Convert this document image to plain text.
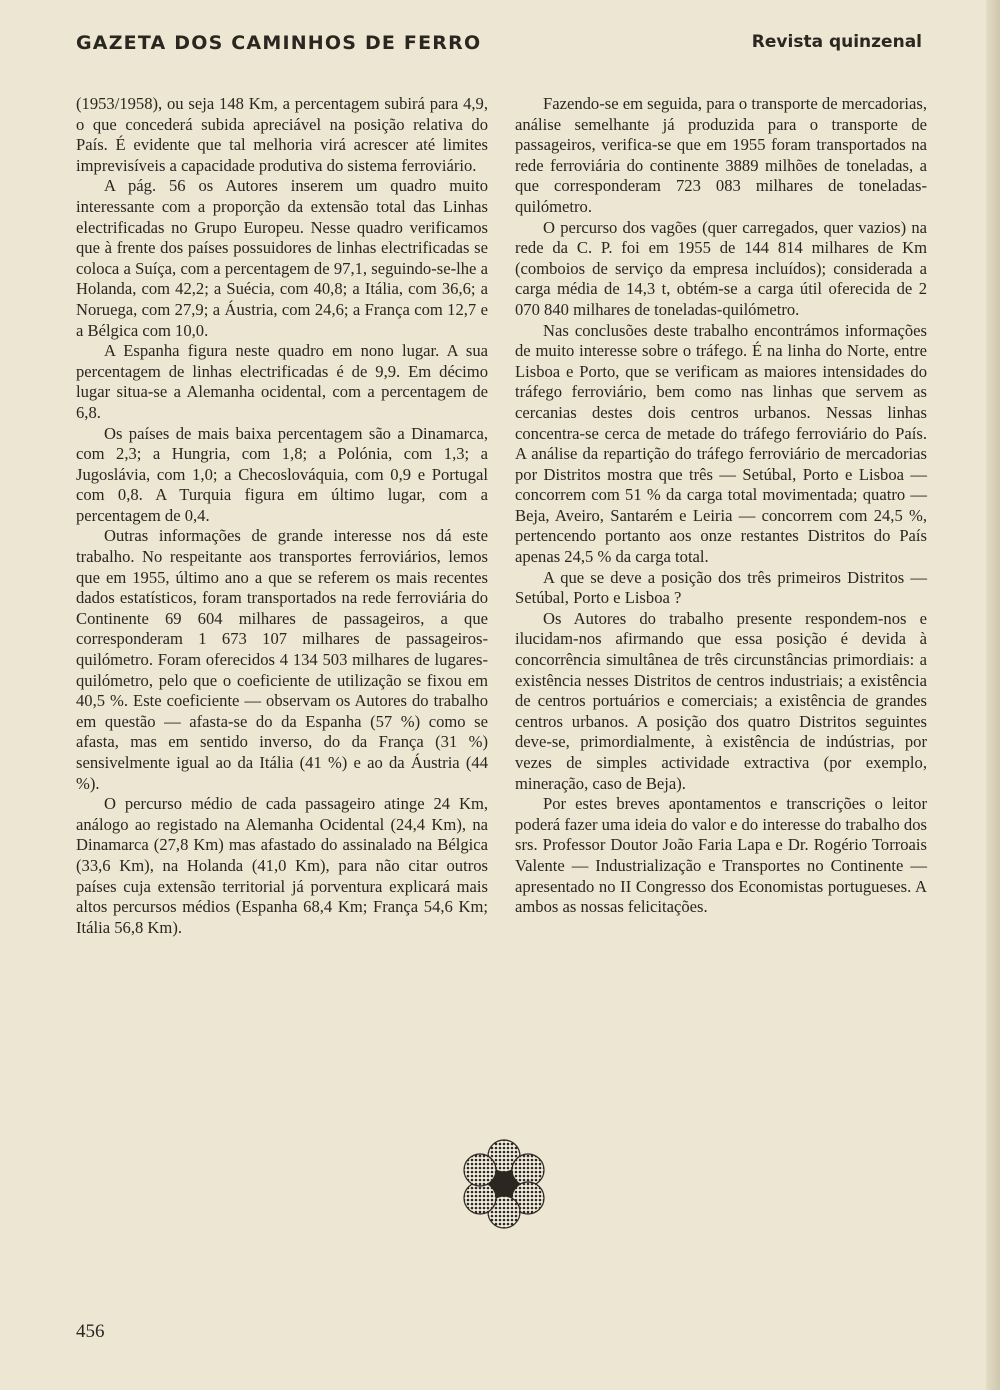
GAZETA DOS CAMINHOS DE FERRO	Revista quinzenal

(1953/1958), ou seja 148 Km, a percentagem subirá para 4,9, o que concederá subida apreciável na posição relativa do País. É evidente que tal melhoria virá acrescer até limites imprevisíveis a capacidade produtiva do sistema ferroviário.

A pág. 56 os Autores inserem um quadro muito interessante com a proporção da extensão total das Linhas electrificadas no Grupo Europeu. Nesse quadro verificamos que à frente dos países possuidores de linhas electrificadas se coloca a Suíça, com a percentagem de 97,1, seguindo-se-lhe a Holanda, com 42,2; a Suécia, com 40,8; a Itália, com 36,6; a Noruega, com 27,9; a Áustria, com 24,6; a França com 12,7 e a Bélgica com 10,0.

A Espanha figura neste quadro em nono lugar. A sua percentagem de linhas electrificadas é de 9,9. Em décimo lugar situa-se a Alemanha ocidental, com a percentagem de 6,8.

Os países de mais baixa percentagem são a Dinamarca, com 2,3; a Hungria, com 1,8; a Polónia, com 1,3; a Jugoslávia, com 1,0; a Checoslováquia, com 0,9 e Portugal com 0,8. A Turquia figura em último lugar, com a percentagem de 0,4.

Outras informações de grande interesse nos dá este trabalho. No respeitante aos transportes ferroviários, lemos que em 1955, último ano a que se referem os mais recentes dados estatísticos, foram transportados na rede ferroviária do Continente 69 604 milhares de passageiros, a que corresponderam 1 673 107 milhares de passageiros-quilómetro. Foram oferecidos 4 134 503 milhares de lugares-quilómetro, pelo que o coeficiente de utilização se fixou em 40,5 %. Este coeficiente — observam os Autores do trabalho em questão — afasta-se do da Espanha (57 %) como se afasta, mas em sentido inverso, do da França (31 %) sensivelmente igual ao da Itália (41 %) e ao da Áustria (44 %).

O percurso médio de cada passageiro atinge 24 Km, análogo ao registado na Alemanha Ocidental (24,4 Km), na Dinamarca (27,8 Km) mas afastado do assinalado na Bélgica (33,6 Km), na Holanda (41,0 Km), para não citar outros países cuja extensão territorial já porventura explicará mais altos percursos médios (Espanha 68,4 Km; França 54,6 Km; Itália 56,8 Km).

Fazendo-se em seguida, para o transporte de mercadorias, análise semelhante já produzida para o transporte de passageiros, verifica-se que em 1955 foram transportados na rede ferroviária do continente 3889 milhões de toneladas, a que corresponderam 723 083 milhares de toneladas-quilómetro.

O percurso dos vagões (quer carregados, quer vazios) na rede da C. P. foi em 1955 de 144 814 milhares de Km (comboios de serviço da empresa incluídos); considerada a carga média de 14,3 t, obtém-se a carga útil oferecida de 2 070 840 milhares de toneladas-quilómetro.

Nas conclusões deste trabalho encontrámos informações de muito interesse sobre o tráfego. É na linha do Norte, entre Lisboa e Porto, que se verificam as maiores intensidades do tráfego ferroviário, bem como nas linhas que servem as cercanias destes dois centros urbanos. Nessas linhas concentra-se cerca de metade do tráfego ferroviário do País. A análise da repartição do tráfego ferroviário de mercadorias por Distritos mostra que três — Setúbal, Porto e Lisboa — concorrem com 51 % da carga total movimentada; quatro — Beja, Aveiro, Santarém e Leiria — concorrem com 24,5 %, pertencendo portanto aos onze restantes Distritos do País apenas 24,5 % da carga total.

A que se deve a posição dos três primeiros Distritos — Setúbal, Porto e Lisboa ?

Os Autores do trabalho presente respondem-nos e ilucidam-nos afirmando que essa posição é devida à concorrência simultânea de três circunstâncias primordiais: a existência nesses Distritos de centros industriais; a existência de centros portuários e comerciais; a existência de grandes centros urbanos. A posição dos quatro Distritos seguintes deve-se, primordialmente, à existência de indústrias, por vezes de simples actividade extractiva (por exemplo, mineração, caso de Beja).

Por estes breves apontamentos e transcrições o leitor poderá fazer uma ideia do valor e do interesse do trabalho dos srs. Professor Doutor João Faria Lapa e Dr. Rogério Torroais Valente — Industrialização e Transportes no Continente — apresentado no II Congresso dos Economistas portugueses. A ambos as nossas felicitações.

456
